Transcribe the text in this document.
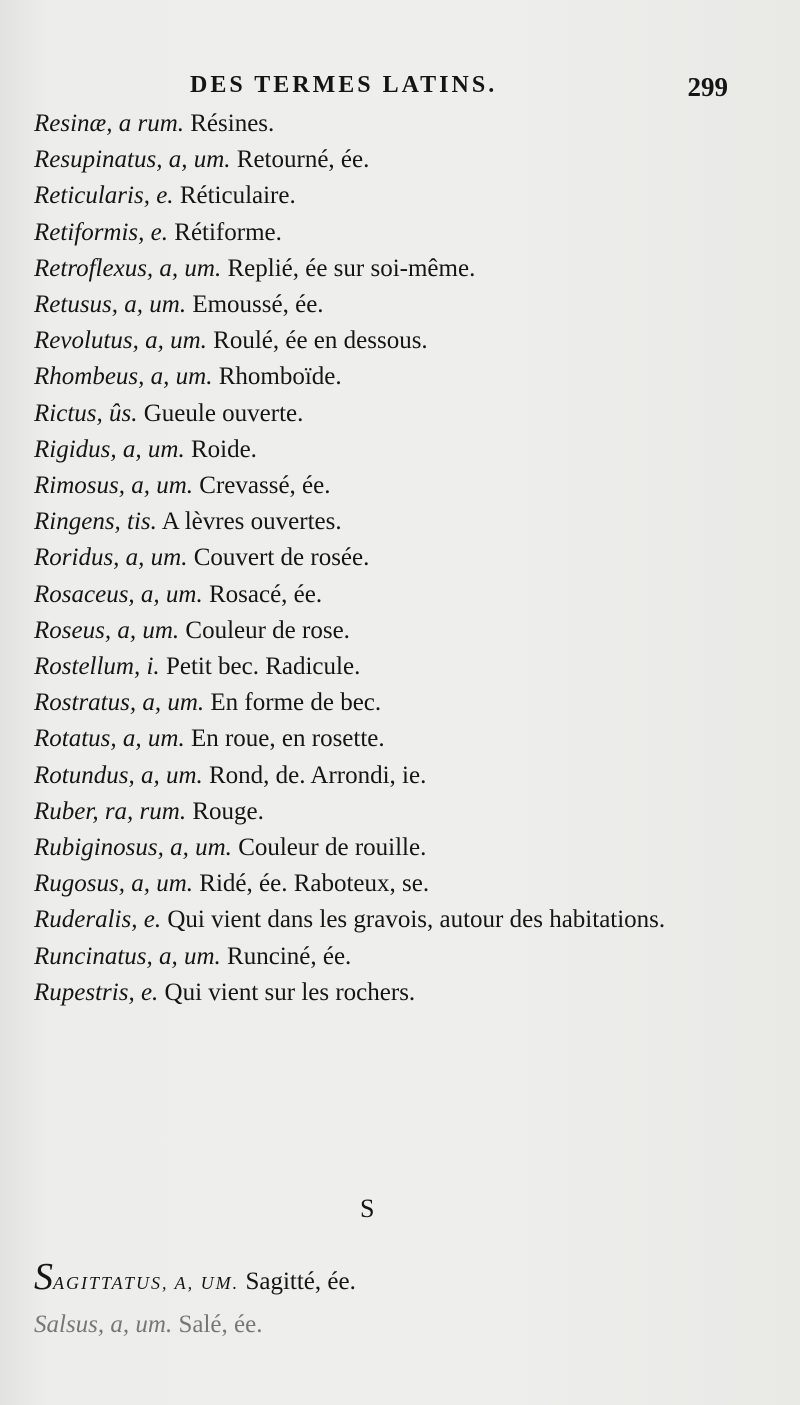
DES TERMES LATINS.	299
Resinæ, a rum. Résines.
Resupinatus, a, um. Retourné, ée.
Reticularis, e. Réticulaire.
Retiformis, e. Rétiforme.
Retroflexus, a, um. Replié, ée sur soi-même.
Retusus, a, um. Emoussé, ée.
Revolutus, a, um. Roulé, ée en dessous.
Rhombeus, a, um. Rhomboïde.
Rictus, ûs. Gueule ouverte.
Rigidus, a, um. Roide.
Rimosus, a, um. Crevassé, ée.
Ringens, tis. A lèvres ouvertes.
Roridus, a, um. Couvert de rosée.
Rosaceus, a, um. Rosacé, ée.
Roseus, a, um. Couleur de rose.
Rostellum, i. Petit bec. Radicule.
Rostratus, a, um. En forme de bec.
Rotatus, a, um. En roue, en rosette.
Rotundus, a, um. Rond, de. Arrondi, ie.
Ruber, ra, rum. Rouge.
Rubiginosus, a, um. Couleur de rouille.
Rugosus, a, um. Ridé, ée. Raboteux, se.
Ruderalis, e. Qui vient dans les gravois, autour des habitations.
Runcinatus, a, um. Runciné, ée.
Rupestris, e. Qui vient sur les rochers.
S
SAGITTATUS, A, UM. Sagitté, ée.
Salsus, a, um. Salé, ée.
